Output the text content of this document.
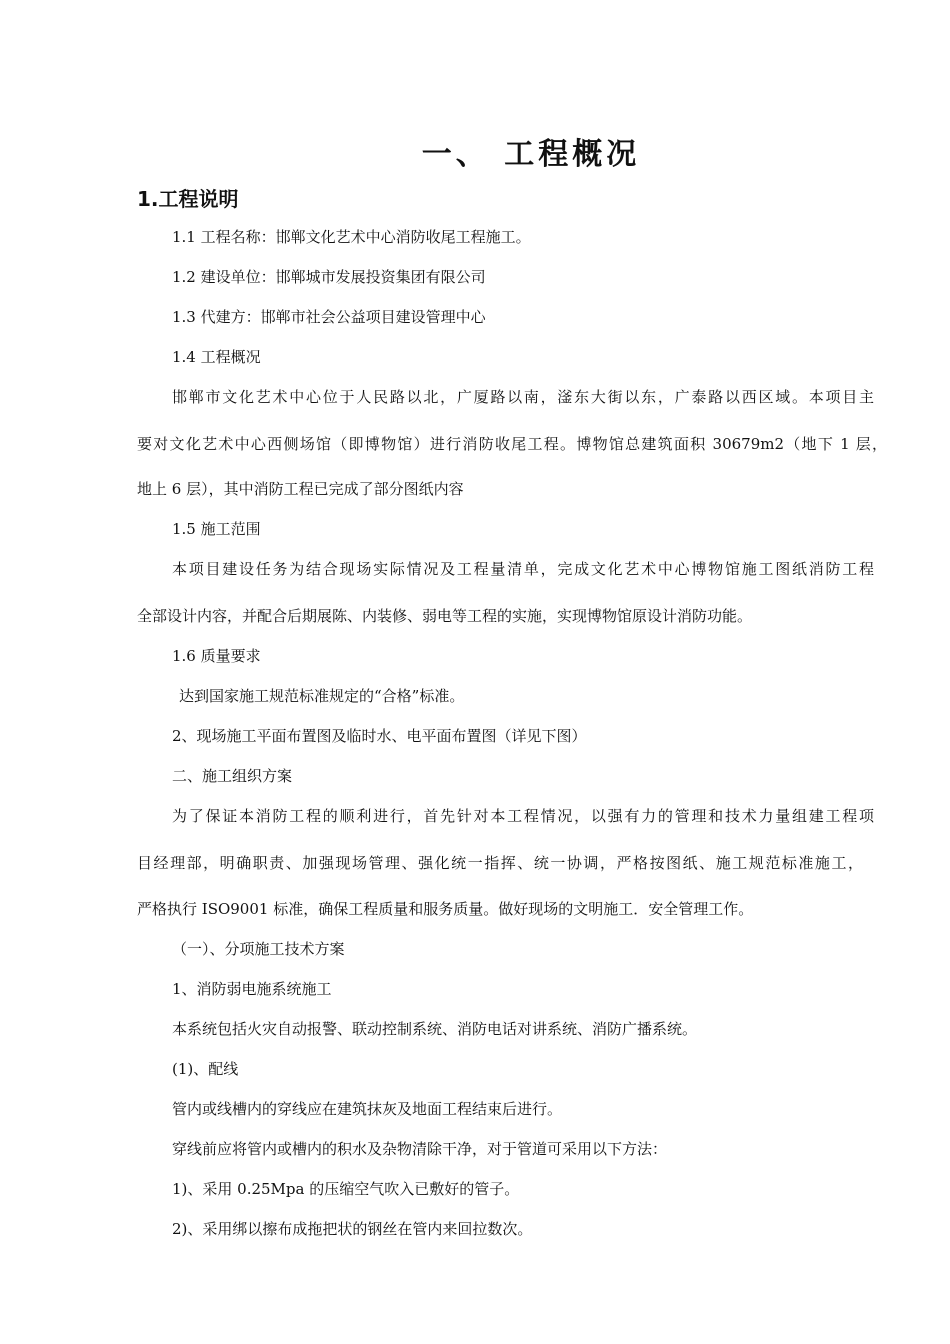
一、 工程概况
1.工程说明
1.1 工程名称：邯郸文化艺术中心消防收尾工程施工。
1.2 建设单位：邯郸城市发展投资集团有限公司
1.3 代建方：邯郸市社会公益项目建设管理中心
1.4 工程概况
邯郸市文化艺术中心位于人民路以北，广厦路以南，滏东大街以东，广泰路以西区域。本项目主
要对文化艺术中心西侧场馆（即博物馆）进行消防收尾工程。博物馆总建筑面积 30679m2（地下 1 层，
地上 6 层），其中消防工程已完成了部分图纸内容
1.5 施工范围
本项目建设任务为结合现场实际情况及工程量清单，完成文化艺术中心博物馆施工图纸消防工程
全部设计内容，并配合后期展陈、内装修、弱电等工程的实施，实现博物馆原设计消防功能。
1.6 质量要求
达到国家施工规范标准规定的“合格”标准。
2、现场施工平面布置图及临时水、电平面布置图（详见下图）
二、施工组织方案
为了保证本消防工程的顺利进行，首先针对本工程情况，以强有力的管理和技术力量组建工程项
目经理部，明确职责、加强现场管理、强化统一指挥、统一协调，严格按图纸、施工规范标准施工，
严格执行 ISO9001 标准，确保工程质量和服务质量。做好现场的文明施工．安全管理工作。
（一）、分项施工技术方案
1、消防弱电施系统施工
本系统包括火灾自动报警、联动控制系统、消防电话对讲系统、消防广播系统。
(1)、配线
管内或线槽内的穿线应在建筑抹灰及地面工程结束后进行。
穿线前应将管内或槽内的积水及杂物清除干净，对于管道可采用以下方法：
1)、采用 0.25Mpa 的压缩空气吹入已敷好的管子。
2)、采用绑以擦布成拖把状的钢丝在管内来回拉数次。
